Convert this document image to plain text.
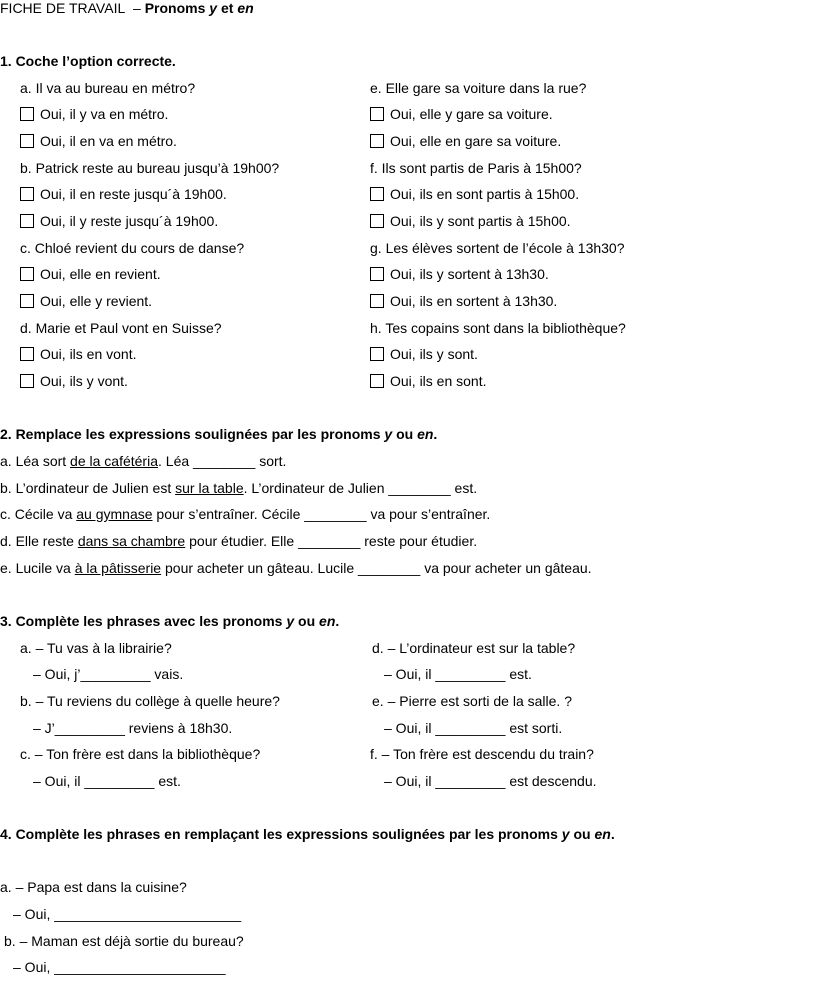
FICHE DE TRAVAIL – Pronoms y et en
1. Coche l’option correcte.
a. Il va au bureau en métro?
Oui, il y va en métro.
Oui, il en va en métro.
b. Patrick reste au bureau jusqu’à 19h00?
Oui, il en reste jusqu´à 19h00.
Oui, il y reste jusqu´à 19h00.
c. Chloé revient du cours de danse?
Oui, elle en revient.
Oui, elle y revient.
d. Marie et Paul vont en Suisse?
Oui, ils en vont.
Oui, ils y vont.
e. Elle gare sa voiture dans la rue?
Oui, elle y gare sa voiture.
Oui, elle en gare sa voiture.
f. Ils sont partis de Paris à 15h00?
Oui, ils en sont partis à 15h00.
Oui, ils y sont partis à 15h00.
g. Les élèves sortent de l’école à 13h30?
Oui, ils y sortent à 13h30.
Oui, ils en sortent à 13h30.
h. Tes copains sont dans la bibliothèque?
Oui, ils y sont.
Oui, ils en sont.
2. Remplace les expressions soulignées par les pronoms y ou en.
a. Léa sort de la cafétéria. Léa ________ sort.
b. L’ordinateur de Julien est sur la table. L’ordinateur de Julien ________ est.
c. Cécile va au gymnase pour s’entraîner. Cécile ________ va pour s’entraîner.
d. Elle reste dans sa chambre pour étudier. Elle ________ reste pour étudier.
e. Lucile va à la pâtisserie pour acheter un gâteau. Lucile ________ va pour acheter un gâteau.
3. Complète les phrases avec les pronoms y ou en.
a. – Tu vas à la librairie?
– Oui, j’_________ vais.
b. – Tu reviens du collège à quelle heure?
– J’_________ reviens à 18h30.
c. – Ton frère est dans la bibliothèque?
– Oui, il _________ est.
d. – L’ordinateur est sur la table?
– Oui, il _________ est.
e. – Pierre est sorti de la salle. ?
– Oui, il _________ est sorti.
f. – Ton frère est descendu du train?
– Oui, il _________ est descendu.
4. Complète les phrases en remplaçant les expressions soulignées par les pronoms y ou en.
a. – Papa est dans la cuisine?
– Oui, ________________________
b. – Maman est déjà sortie du bureau?
– Oui, ______________________
